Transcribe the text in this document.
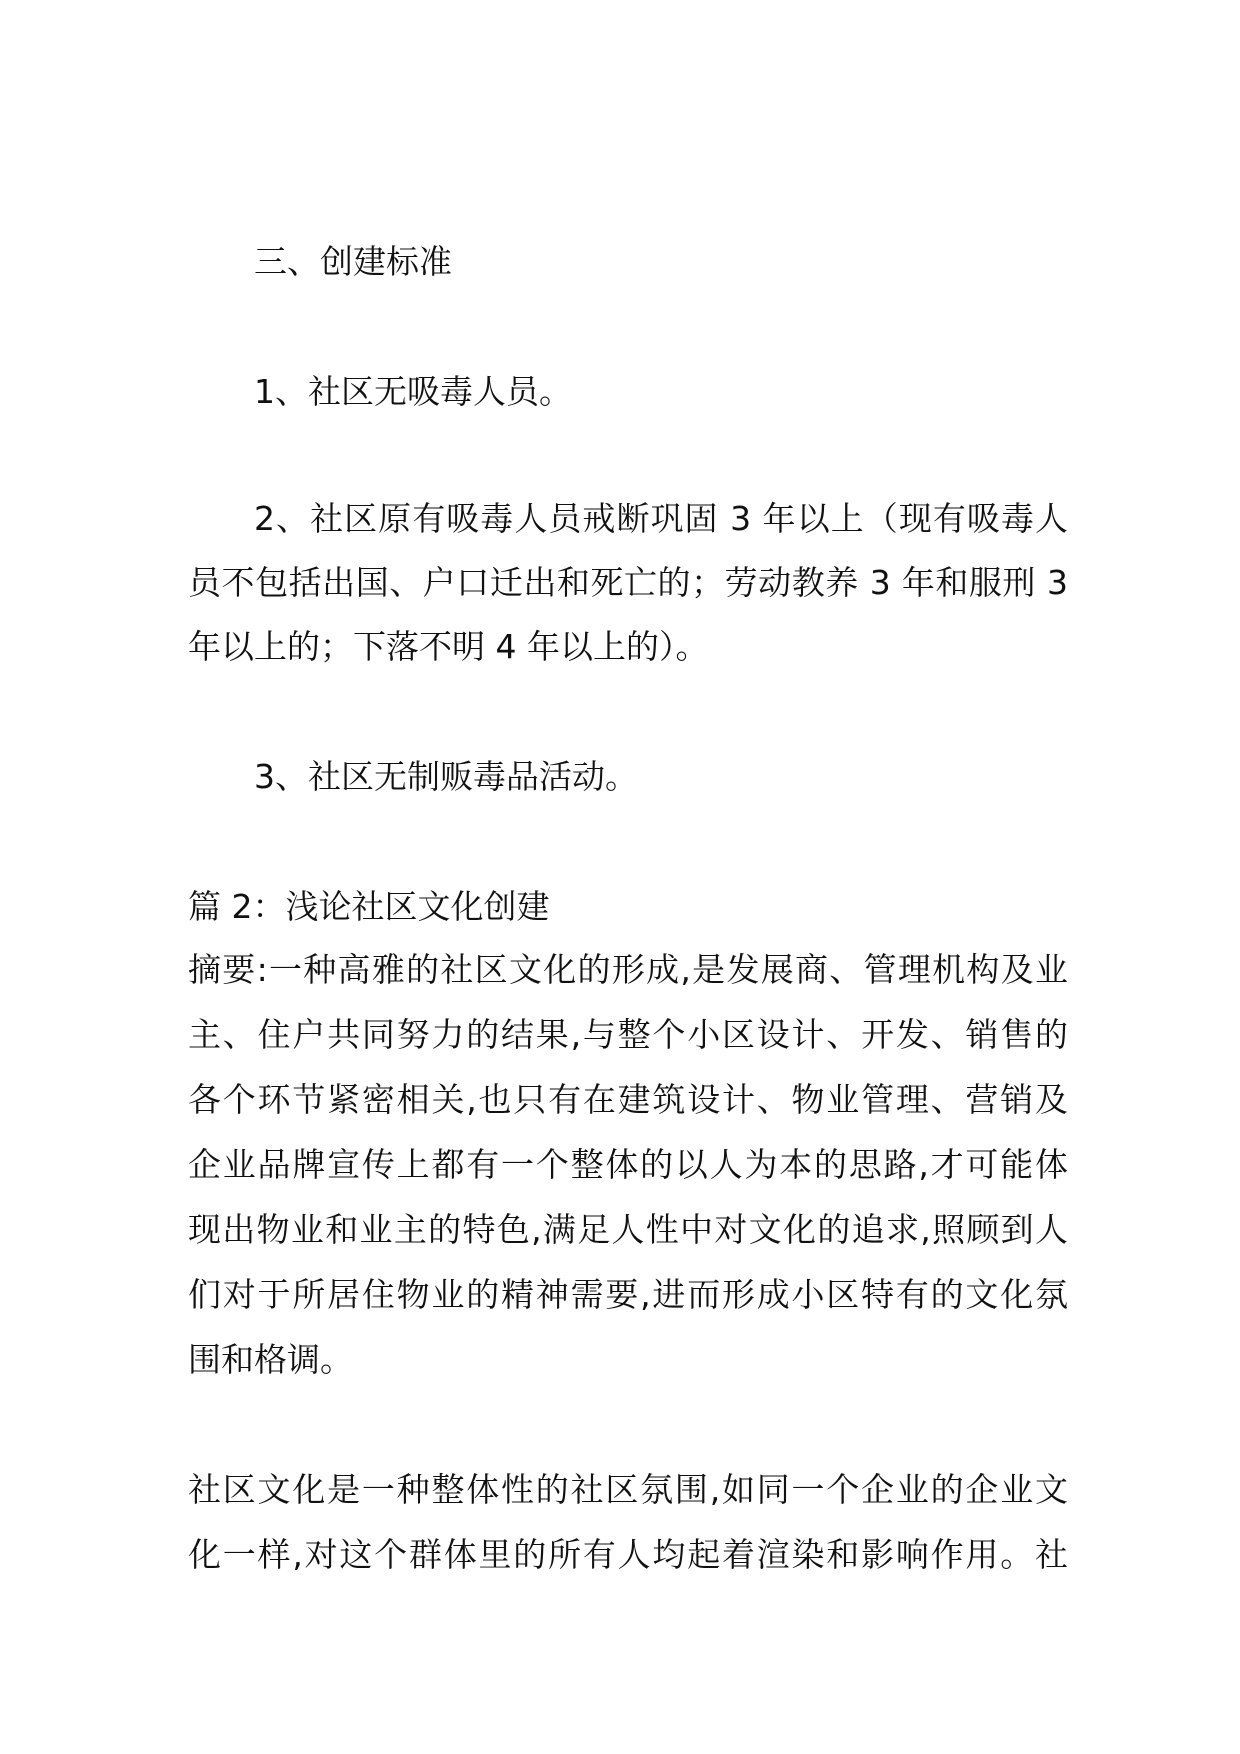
三、创建标准
1、社区无吸毒人员。
2、社区原有吸毒人员戒断巩固 3 年以上（现有吸毒人
员不包括出国、户口迁出和死亡的；劳动教养 3 年和服刑 3
年以上的；下落不明 4 年以上的）。
3、社区无制贩毒品活动。
篇 2：浅论社区文化创建
摘要:一种高雅的社区文化的形成,是发展商、管理机构及业
主、住户共同努力的结果,与整个小区设计、开发、销售的
各个环节紧密相关,也只有在建筑设计、物业管理、营销及
企业品牌宣传上都有一个整体的以人为本的思路,才可能体
现出物业和业主的特色,满足人性中对文化的追求,照顾到人
们对于所居住物业的精神需要,进而形成小区特有的文化氛
围和格调。
社区文化是一种整体性的社区氛围,如同一个企业的企业文
化一样,对这个群体里的所有人均起着渲染和影响作用。社
